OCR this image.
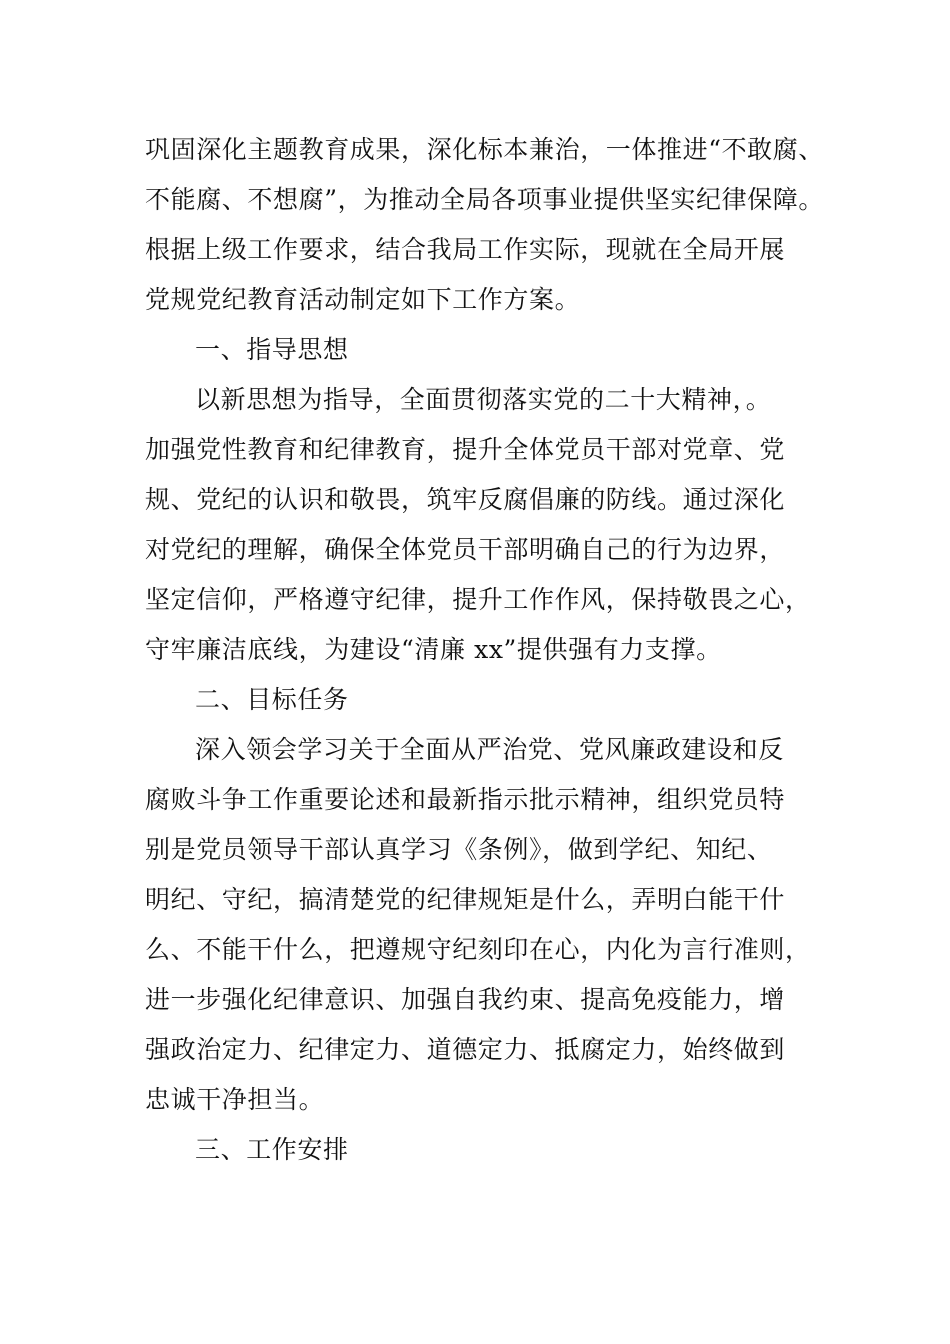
巩固深化主题教育成果，深化标本兼治，一体推进“不敢腐、
不能腐、不想腐”，为推动全局各项事业提供坚实纪律保障。
根据上级工作要求，结合我局工作实际，现就在全局开展
党规党纪教育活动制定如下工作方案。
一、指导思想
以新思想为指导，全面贯彻落实党的二十大精神，。
加强党性教育和纪律教育，提升全体党员干部对党章、党
规、党纪的认识和敬畏，筑牢反腐倡廉的防线。通过深化
对党纪的理解，确保全体党员干部明确自己的行为边界，
坚定信仰，严格遵守纪律，提升工作作风，保持敬畏之心，
守牢廉洁底线，为建设“清廉 xx”提供强有力支撑。
二、目标任务
深入领会学习关于全面从严治党、党风廉政建设和反
腐败斗争工作重要论述和最新指示批示精神，组织党员特
别是党员领导干部认真学习《条例》，做到学纪、知纪、
明纪、守纪，搞清楚党的纪律规矩是什么，弄明白能干什
么、不能干什么，把遵规守纪刻印在心，内化为言行准则，
进一步强化纪律意识、加强自我约束、提高免疫能力，增
强政治定力、纪律定力、道德定力、抵腐定力，始终做到
忠诚干净担当。
三、工作安排
